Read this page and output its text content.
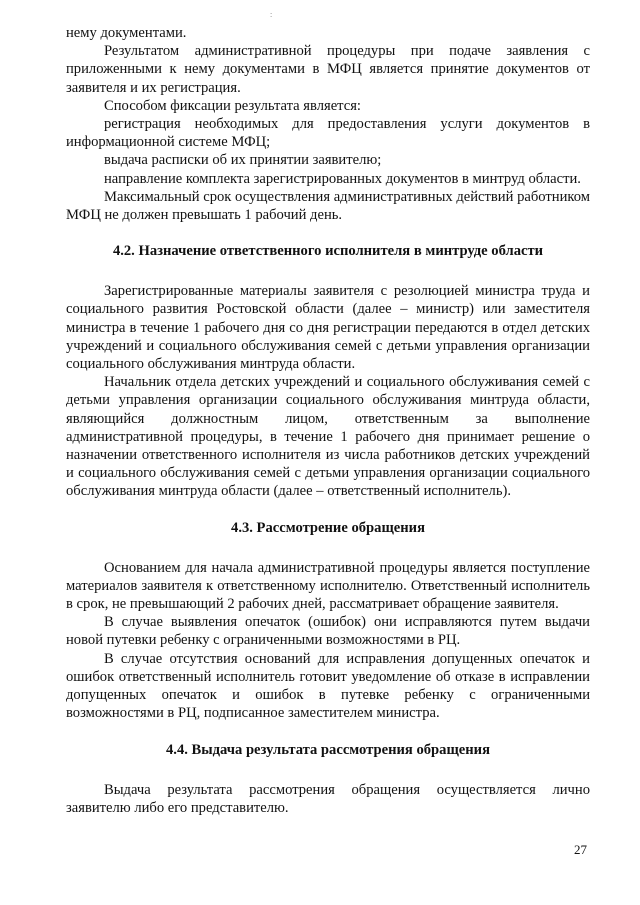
:

нему документами.

Результатом административной процедуры при подаче заявления с приложенными к нему документами в МФЦ является принятие документов от заявителя и их регистрация.

Способом фиксации результата является:

регистрация необходимых для предоставления услуги документов в информационной системе МФЦ;

выдача расписки об их принятии заявителю;

направление комплекта зарегистрированных документов в минтруд области.

Максимальный срок осуществления административных действий работником МФЦ не должен превышать 1 рабочий день.

4.2. Назначение ответственного исполнителя в минтруде области

Зарегистрированные материалы заявителя с резолюцией министра труда и социального развития Ростовской области (далее – министр) или заместителя министра в течение 1 рабочего дня со дня регистрации передаются в отдел детских учреждений и социального обслуживания семей с детьми управления организации социального обслуживания минтруда области.

Начальник отдела детских учреждений и социального обслуживания семей с детьми управления организации социального обслуживания минтруда области, являющийся должностным лицом, ответственным за выполнение административной процедуры, в течение 1 рабочего дня принимает решение о назначении ответственного исполнителя из числа работников детских учреждений и социального обслуживания семей с детьми управления организации социального обслуживания минтруда области (далее – ответственный исполнитель).

4.3. Рассмотрение обращения

Основанием для начала административной процедуры является поступление материалов заявителя к ответственному исполнителю. Ответственный исполнитель в срок, не превышающий 2 рабочих дней, рассматривает обращение заявителя.

В случае выявления опечаток (ошибок) они исправляются путем выдачи новой путевки ребенку с ограниченными возможностями в РЦ.

В случае отсутствия оснований для исправления допущенных опечаток и ошибок ответственный исполнитель готовит уведомление об отказе в исправлении допущенных опечаток и ошибок в путевке ребенку с ограниченными возможностями в РЦ, подписанное заместителем министра.

4.4. Выдача результата рассмотрения обращения

Выдача результата рассмотрения обращения осуществляется лично заявителю либо его представителю.

27
